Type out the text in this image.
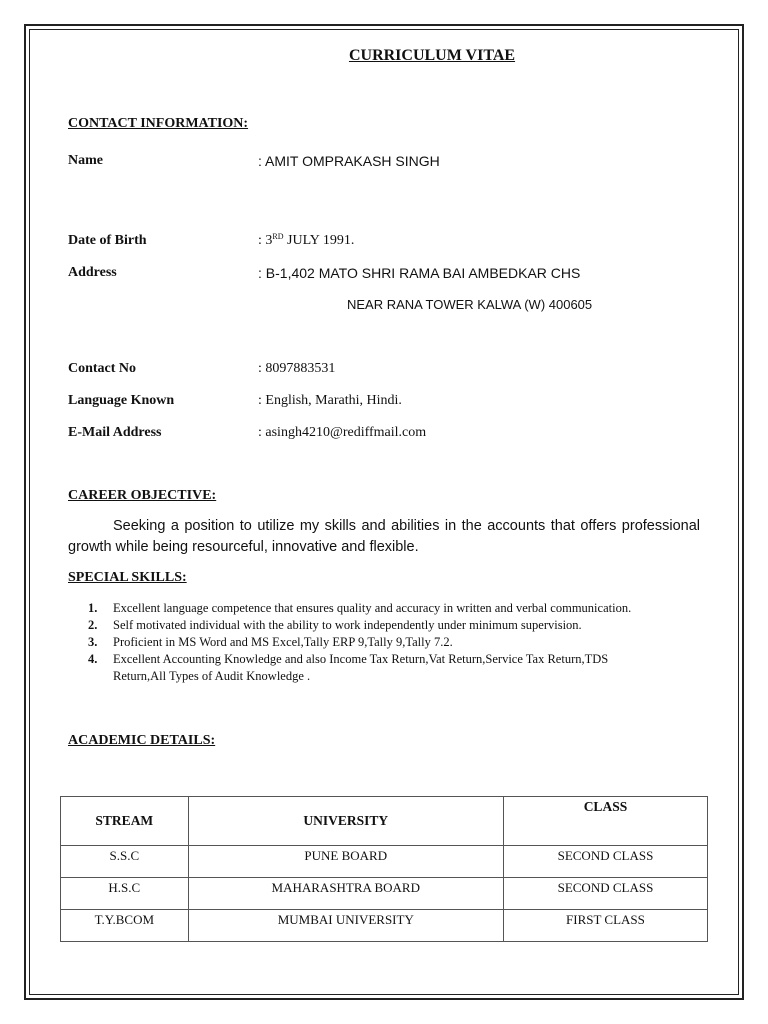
CURRICULUM VITAE
CONTACT INFORMATION:
Name	: AMIT OMPRAKASH SINGH
Date of Birth	: 3RD JULY 1991.
Address	: B-1,402 MATO SHRI RAMA BAI AMBEDKAR CHS
NEAR RANA TOWER KALWA (W) 400605
Contact No	: 8097883531
Language Known	: English, Marathi, Hindi.
E-Mail Address	: asingh4210@rediffmail.com
CAREER OBJECTIVE:
Seeking a position to utilize my skills and abilities in the accounts that offers professional growth while being resourceful, innovative and flexible.
SPECIAL SKILLS:
1. Excellent language competence that ensures quality and accuracy in written and verbal communication.
2. Self motivated individual with the ability to work independently under minimum supervision.
3. Proficient in MS Word and MS Excel,Tally ERP 9,Tally 9,Tally 7.2.
4. Excellent Accounting Knowledge and also Income Tax Return,Vat Return,Service Tax Return,TDS Return,All Types of Audit Knowledge .
ACADEMIC DETAILS:
STREAM	UNIVERSITY	CLASS
S.S.C	PUNE BOARD	SECOND CLASS
H.S.C	MAHARASHTRA BOARD	SECOND CLASS
T.Y.BCOM	MUMBAI UNIVERSITY	FIRST CLASS
